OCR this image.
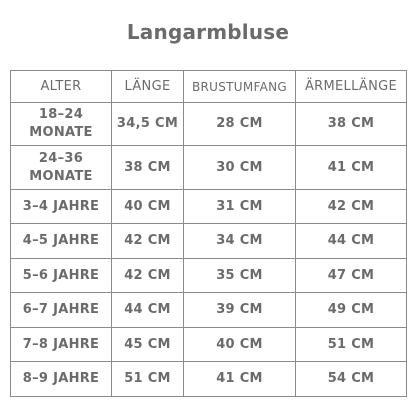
Langarmbluse
ALTER	LÄNGE	BRUSTUMFANG	ÄRMELLÄNGE
18–24 MONATE	34,5 CM	28 CM	38 CM
24–36 MONATE	38 CM	30 CM	41 CM
3–4 JAHRE	40 CM	31 CM	42 CM
4–5 JAHRE	42 CM	34 CM	44 CM
5–6 JAHRE	42 CM	35 CM	47 CM
6–7 JAHRE	44 CM	39 CM	49 CM
7–8 JAHRE	45 CM	40 CM	51 CM
8–9 JAHRE	51 CM	41 CM	54 CM
